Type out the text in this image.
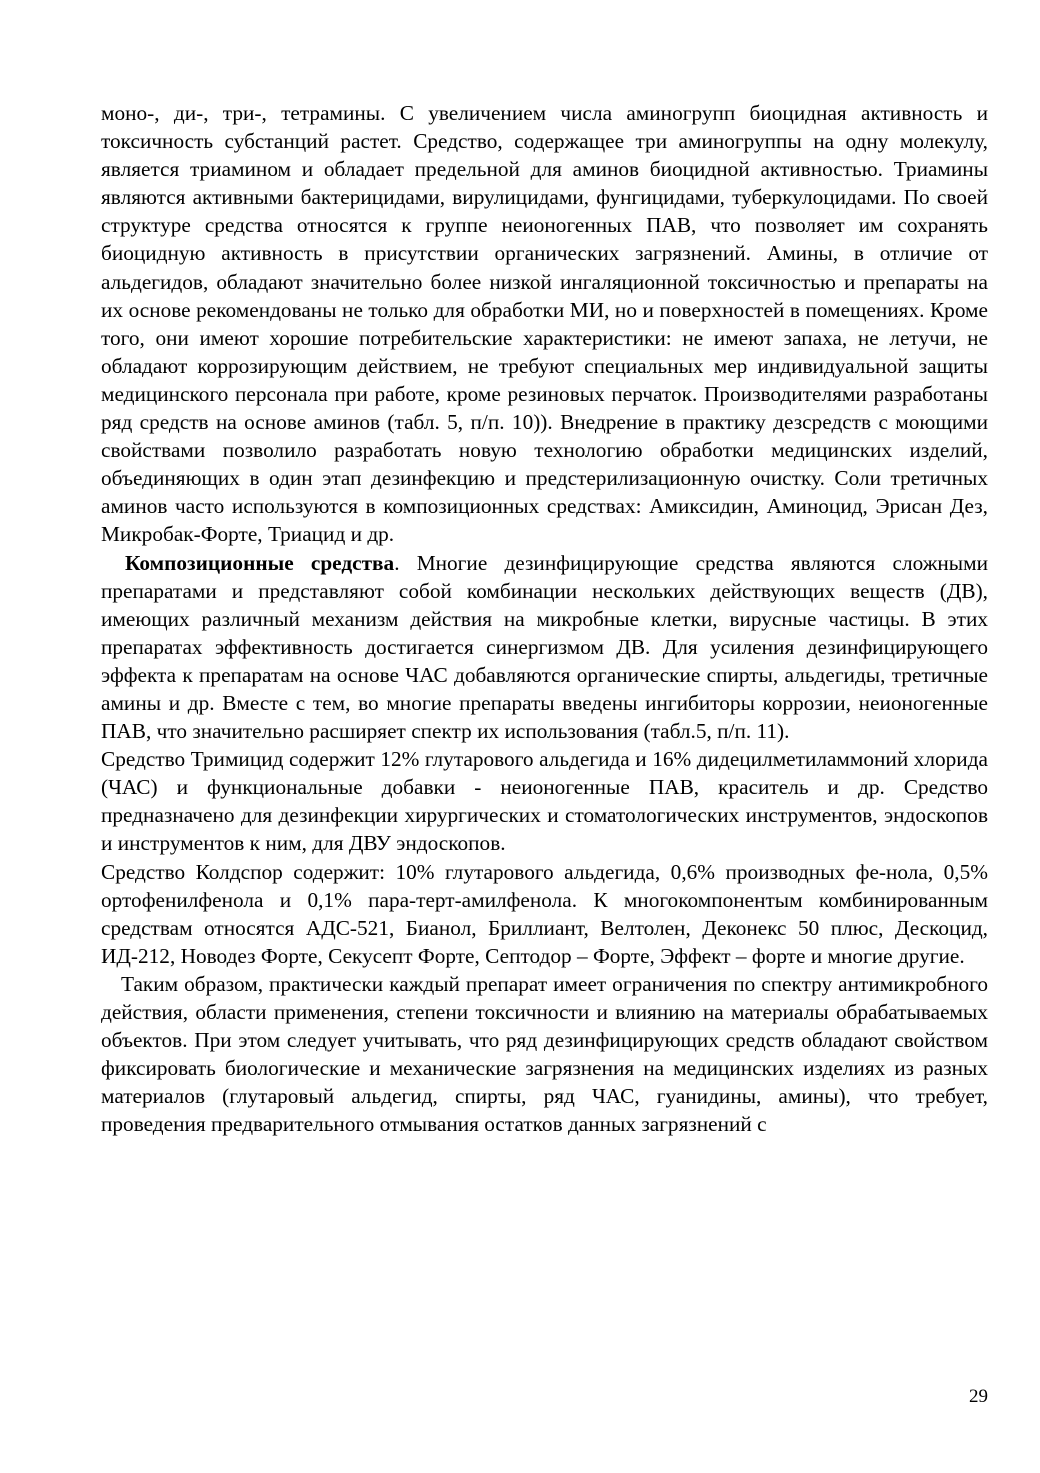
моно-, ди-, три-, тетрамины. С увеличением числа аминогрупп биоцидная активность и токсичность субстанций растет. Средство, содержащее три аминогруппы на одну молекулу, является триамином и обладает предельной для аминов биоцидной активностью. Триамины являются активными бактерицидами, вирулицидами, фунгицидами, туберкулоцидами. По своей структуре средства относятся к группе неионогенных ПАВ, что позволяет им сохранять биоцидную активность в присутствии органических загрязнений. Амины, в отличие от альдегидов, обладают значительно более низкой ингаляционной токсичностью и препараты на их основе рекомендованы не только для обработки МИ, но и поверхностей в помещениях. Кроме того, они имеют хорошие потребительские характеристики: не имеют запаха, не летучи, не обладают коррозирующим действием, не требуют специальных мер индивидуальной защиты медицинского персонала при работе, кроме резиновых перчаток. Производителями разработаны ряд средств на основе аминов (табл. 5, п/п. 10)). Внедрение в практику дезсредств с моющими свойствами позволило разработать новую технологию обработки медицинских изделий, объединяющих в один этап дезинфекцию и предстерилизационную очистку. Соли третичных аминов часто используются в композиционных средствах: Амиксидин, Аминоцид, Эрисан Дез, Микробак-Форте, Триацид и др.

Композиционные средства. Многие дезинфицирующие средства являются сложными препаратами и представляют собой комбинации нескольких действующих веществ (ДВ), имеющих различный механизм действия на микробные клетки, вирусные частицы. В этих препаратах эффективность достигается синергизмом ДВ. Для усиления дезинфицирующего эффекта к препаратам на основе ЧАС добавляются органические спирты, альдегиды, третичные амины и др. Вместе с тем, во многие препараты введены ингибиторы коррозии, неионогенные ПАВ, что значительно расширяет спектр их использования (табл.5, п/п. 11).

Средство Тримицид содержит 12% глутарового альдегида и 16% дидецилметиламмоний хлорида (ЧАС) и функциональные добавки - неионогенные ПАВ, краситель и др. Средство предназначено для дезинфекции хирургических и стоматологических инструментов, эндоскопов и инструментов к ним, для ДВУ эндоскопов.

Средство Колдспор содержит: 10% глутарового альдегида, 0,6% производных фе-нола, 0,5% ортофенилфенола и 0,1% пара-терт-амилфенола. К многокомпонентым комбинированным средствам относятся АДС-521, Бианол, Бриллиант, Велтолен, Деконекс 50 плюс, Дескоцид, ИД-212, Новодез Форте, Секусепт Форте, Септодор – Форте, Эффект – форте и многие другие.

Таким образом, практически каждый препарат имеет ограничения по спектру антимикробного действия, области применения, степени токсичности и влиянию на материалы обрабатываемых объектов. При этом следует учитывать, что ряд дезинфицирующих средств обладают свойством фиксировать биологические и механические загрязнения на медицинских изделиях из разных материалов (глутаровый альдегид, спирты, ряд ЧАС, гуанидины, амины), что требует, проведения предварительного отмывания остатков данных загрязнений с

29
